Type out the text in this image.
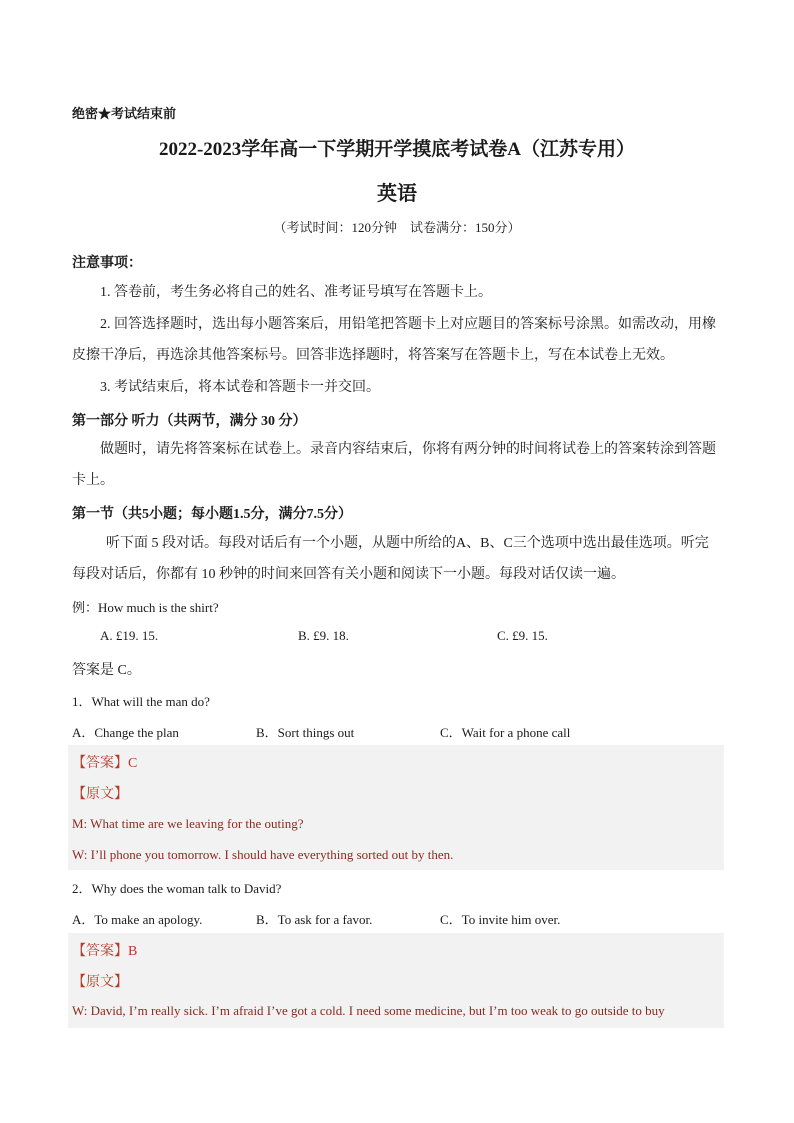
绝密★考试结束前
2022-2023学年高一下学期开学摸底考试卷A（江苏专用）
英语
（考试时间：120分钟　试卷满分：150分）
注意事项：
1. 答卷前，考生务必将自己的姓名、准考证号填写在答题卡上。
2. 回答选择题时，选出每小题答案后，用铅笔把答题卡上对应题目的答案标号涂黑。如需改动，用橡皮擦干净后，再选涂其他答案标号。回答非选择题时，将答案写在答题卡上，写在本试卷上无效。
3. 考试结束后，将本试卷和答题卡一并交回。
第一部分 听力（共两节，满分 30 分）
做题时，请先将答案标在试卷上。录音内容结束后，你将有两分钟的时间将试卷上的答案转涂到答题卡上。
第一节（共5小题；每小题1.5分，满分7.5分）
听下面 5 段对话。每段对话后有一个小题，从题中所给的A、B、C三个选项中选出最佳选项。听完每段对话后，你都有 10 秒钟的时间来回答有关小题和阅读下一小题。每段对话仅读一遍。
例：How much is the shirt?
A. £19. 15.	B. £9. 18.	C. £9. 15.
答案是 C。
1．What will the man do?
A．Change the plan	B．Sort things out	C．Wait for a phone call
【答案】C
【原文】
M: What time are we leaving for the outing?
W: I’ll phone you tomorrow. I should have everything sorted out by then.
2．Why does the woman talk to David?
A．To make an apology.	B．To ask for a favor.	C．To invite him over.
【答案】B
【原文】
W: David, I’m really sick. I’m afraid I’ve got a cold. I need some medicine, but I’m too weak to go outside to buy
